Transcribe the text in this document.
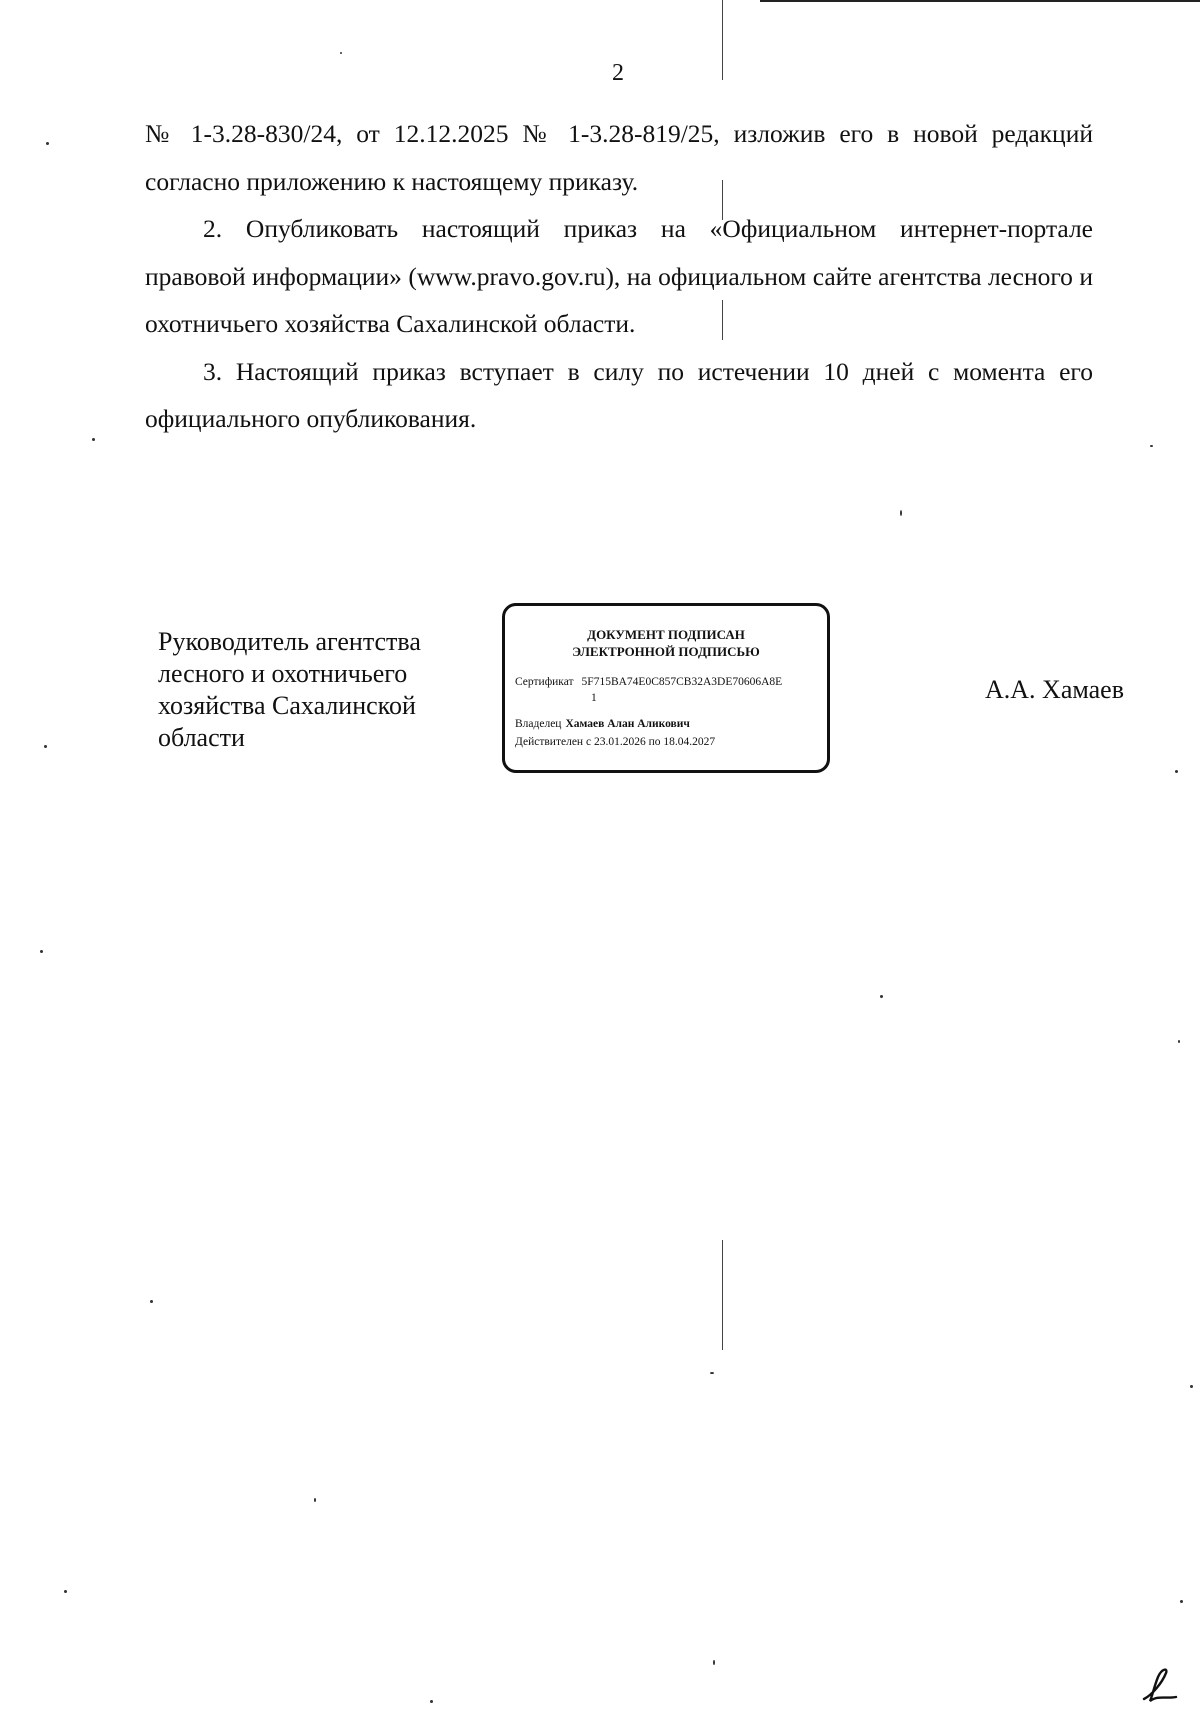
2

№ 1-3.28-830/24, от 12.12.2025 № 1-3.28-819/25, изложив его в новой редакций согласно приложению к настоящему приказу.

2. Опубликовать настоящий приказ на «Официальном интернет-портале правовой информации» (www.pravo.gov.ru), на официальном сайте агентства лесного и охотничьего хозяйства Сахалинской области.

3. Настоящий приказ вступает в силу по истечении 10 дней с момента его официального опубликования.

Руководитель агентства
лесного и охотничьего
хозяйства Сахалинской
области
ДОКУМЕНТ ПОДПИСАН
ЭЛЕКТРОННОЙ ПОДПИСЬЮ
Сертификат 5F715BA74E0C857CB32A3DE70606A8E
1
Владелец Хамаев Алан Аликович
Действителен с 23.01.2026 по 18.04.2027
А.А. Хамаев
